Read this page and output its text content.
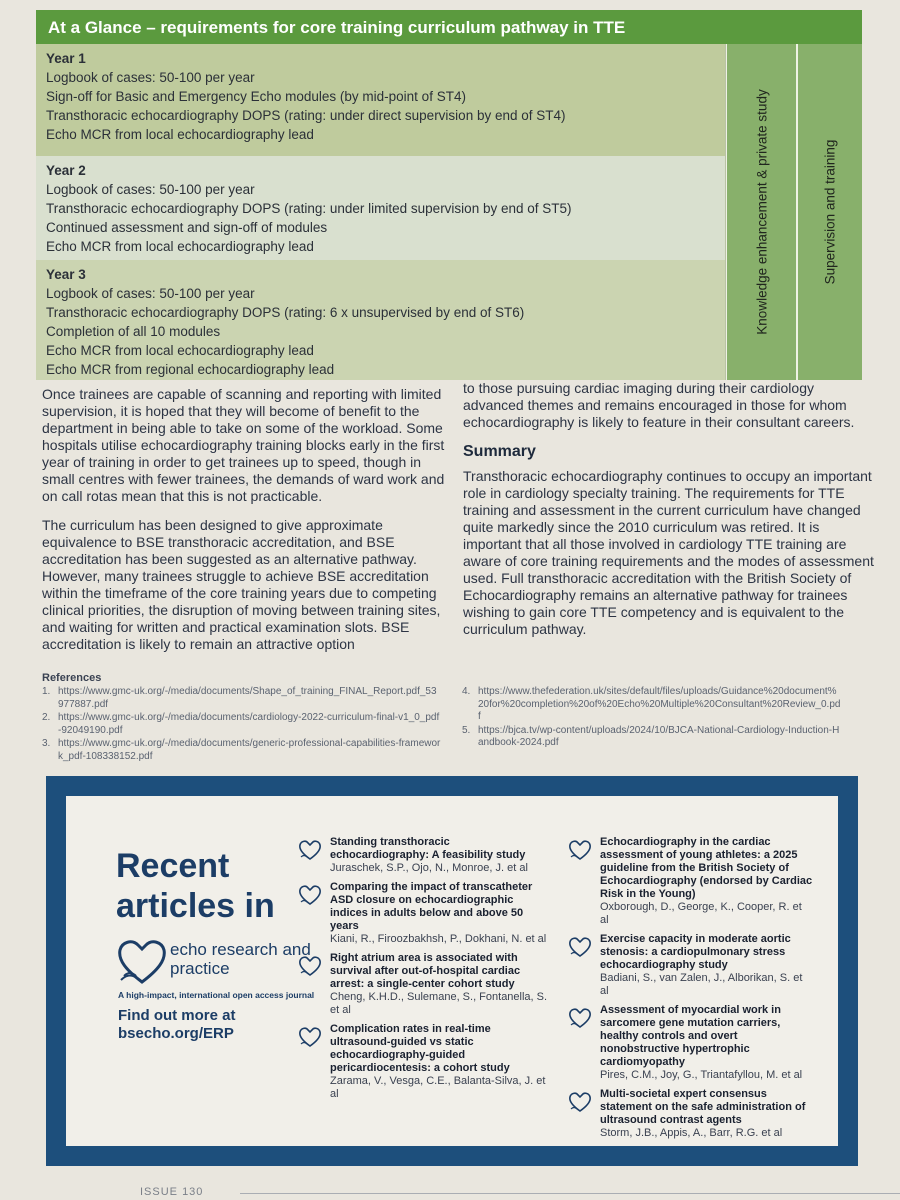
At a Glance – requirements for core training curriculum pathway in TTE
Year 1
Logbook of cases: 50-100 per year
Sign-off for Basic and Emergency Echo modules (by mid-point of ST4)
Transthoracic echocardiography DOPS (rating: under direct supervision by end of ST4)
Echo MCR from local echocardiography lead
Year 2
Logbook of cases: 50-100 per year
Transthoracic echocardiography DOPS (rating: under limited supervision by end of ST5)
Continued assessment and sign-off of modules
Echo MCR from local echocardiography lead
Year 3
Logbook of cases: 50-100 per year
Transthoracic echocardiography DOPS (rating: 6 x unsupervised by end of ST6)
Completion of all 10 modules
Echo MCR from local echocardiography lead
Echo MCR from regional echocardiography lead
Knowledge enhancement & private study	Supervision and training

Once trainees are capable of scanning and reporting with limited supervision, it is hoped that they will become of benefit to the department in being able to take on some of the workload. Some hospitals utilise echocardiography training blocks early in the first year of training in order to get trainees up to speed, though in small centres with fewer trainees, the demands of ward work and on call rotas mean that this is not practicable.

The curriculum has been designed to give approximate equivalence to BSE transthoracic accreditation, and BSE accreditation has been suggested as an alternative pathway. However, many trainees struggle to achieve BSE accreditation within the timeframe of the core training years due to competing clinical priorities, the disruption of moving between training sites, and waiting for written and practical examination slots. BSE accreditation is likely to remain an attractive option

to those pursuing cardiac imaging during their cardiology advanced themes and remains encouraged in those for whom echocardiography is likely to feature in their consultant careers.

Summary

Transthoracic echocardiography continues to occupy an important role in cardiology specialty training. The requirements for TTE training and assessment in the current curriculum have changed quite markedly since the 2010 curriculum was retired. It is important that all those involved in cardiology TTE training are aware of core training requirements and the modes of assessment used. Full transthoracic accreditation with the British Society of Echocardiography remains an alternative pathway for trainees wishing to gain core TTE competency and is equivalent to the curriculum pathway.

References
1. https://www.gmc-uk.org/-/media/documents/Shape_of_training_FINAL_Report.pdf_53977887.pdf
2. https://www.gmc-uk.org/-/media/documents/cardiology-2022-curriculum-final-v1_0_pdf-92049190.pdf
3. https://www.gmc-uk.org/-/media/documents/generic-professional-capabilities-framework_pdf-108338152.pdf
4. https://www.thefederation.uk/sites/default/files/uploads/Guidance%20document%20for%20completion%20of%20Echo%20Multiple%20Consultant%20Review_0.pdf
5. https://bjca.tv/wp-content/uploads/2024/10/BJCA-National-Cardiology-Induction-Handbook-2024.pdf
Recent articles in
echo research and practice
A high-impact, international open access journal
Find out more at bsecho.org/ERP
Standing transthoracic echocardiography: A feasibility study
Juraschek, S.P., Ojo, N., Monroe, J. et al
Comparing the impact of transcatheter ASD closure on echocardiographic indices in adults below and above 50 years
Kiani, R., Firoozbakhsh, P., Dokhani, N. et al
Right atrium area is associated with survival after out-of-hospital cardiac arrest: a single-center cohort study
Cheng, K.H.D., Sulemane, S., Fontanella, S. et al
Complication rates in real-time ultrasound-guided vs static echocardiography-guided pericardiocentesis: a cohort study
Zarama, V., Vesga, C.E., Balanta-Silva, J. et al
Echocardiography in the cardiac assessment of young athletes: a 2025 guideline from the British Society of Echocardiography (endorsed by Cardiac Risk in the Young)
Oxborough, D., George, K., Cooper, R. et al
Exercise capacity in moderate aortic stenosis: a cardiopulmonary stress echocardiography study
Badiani, S., van Zalen, J., Alborikan, S. et al
Assessment of myocardial work in sarcomere gene mutation carriers, healthy controls and overt nonobstructive hypertrophic cardiomyopathy
Pires, C.M., Joy, G., Triantafyllou, M. et al
Multi-societal expert consensus statement on the safe administration of ultrasound contrast agents
Storm, J.B., Appis, A., Barr, R.G. et al
ISSUE 130
